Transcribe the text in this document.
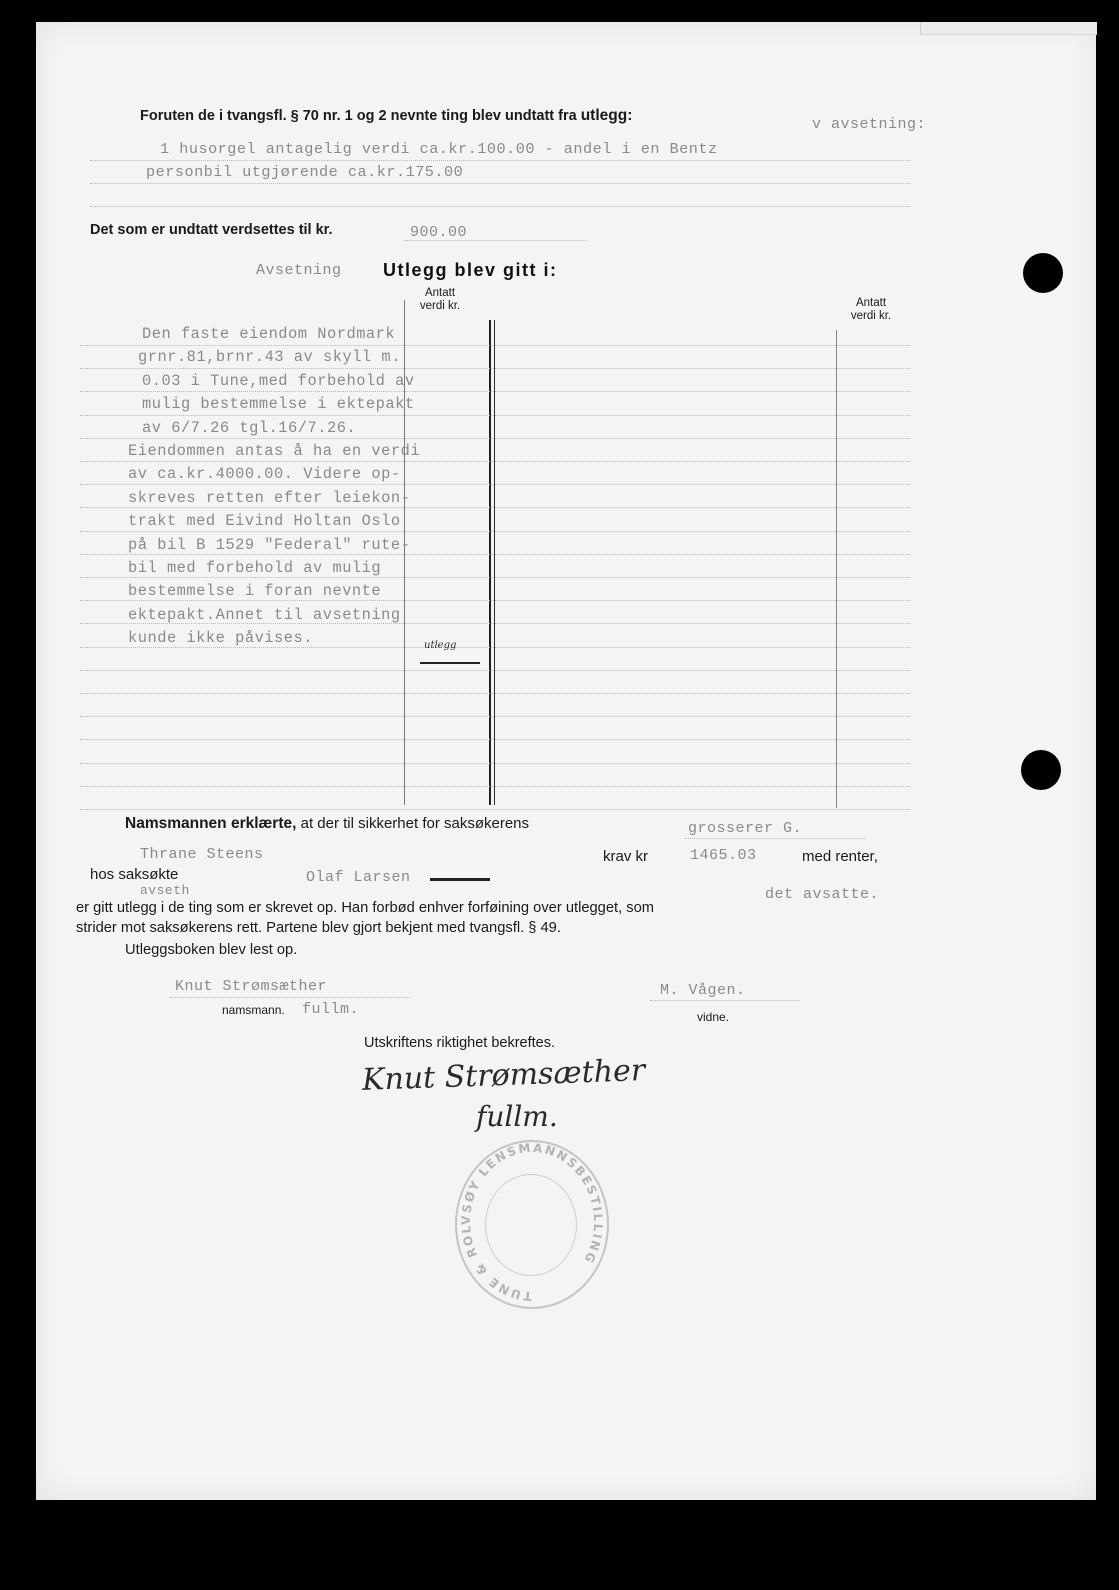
Foruten de i tvangsfl. § 70 nr. 1 og 2 nevnte ting blev undtatt fra utlegg:
v avsetning:
1 husorgel antagelig verdi ca.kr.100.00 - andel i en Bentz
personbil utgjørende ca.kr.175.00
Det som er undtatt verdsettes til kr.	900.00
Avsetning Utlegg blev gitt i:
Antatt
verdi kr.	Antatt
verdi kr.
Den faste eiendom Nordmark
grnr.81,brnr.43 av skyll m.
0.03 i Tune,med forbehold av
mulig bestemmelse i ektepakt
av 6/7.26 tgl.16/7.26.
Eiendommen antas å ha en verdi
av ca.kr.4000.00. Videre op-
skreves retten efter leiekon-
trakt med Eivind Holtan Oslo
på bil B 1529 "Federal" rute-
bil med forbehold av mulig
bestemmelse i foran nevnte
ektepakt.Annet til avsetning
kunde ikke påvises.	utlegg
Namsmannen erklærte, at der til sikkerhet for saksøkerens	grosserer G.
Thrane Steens	krav kr	1465.03	med renter,
hos saksøkte	Olaf Larsen
avseth	det avsatte.
er gitt utlegg i de ting som er skrevet op. Han forbød enhver forføining over utlegget, som
strider mot saksøkerens rett. Partene blev gjort bekjent med tvangsfl. § 49.
Utleggsboken blev lest op.
Knut Strømsæther
namsmann. fullm.
M. Vågen.
vidne.
Utskriftens riktighet bekreftes.
Knut Strømsæther
fullm.
TUNE & ROLVSØY LENSMANNSBESTILLING
